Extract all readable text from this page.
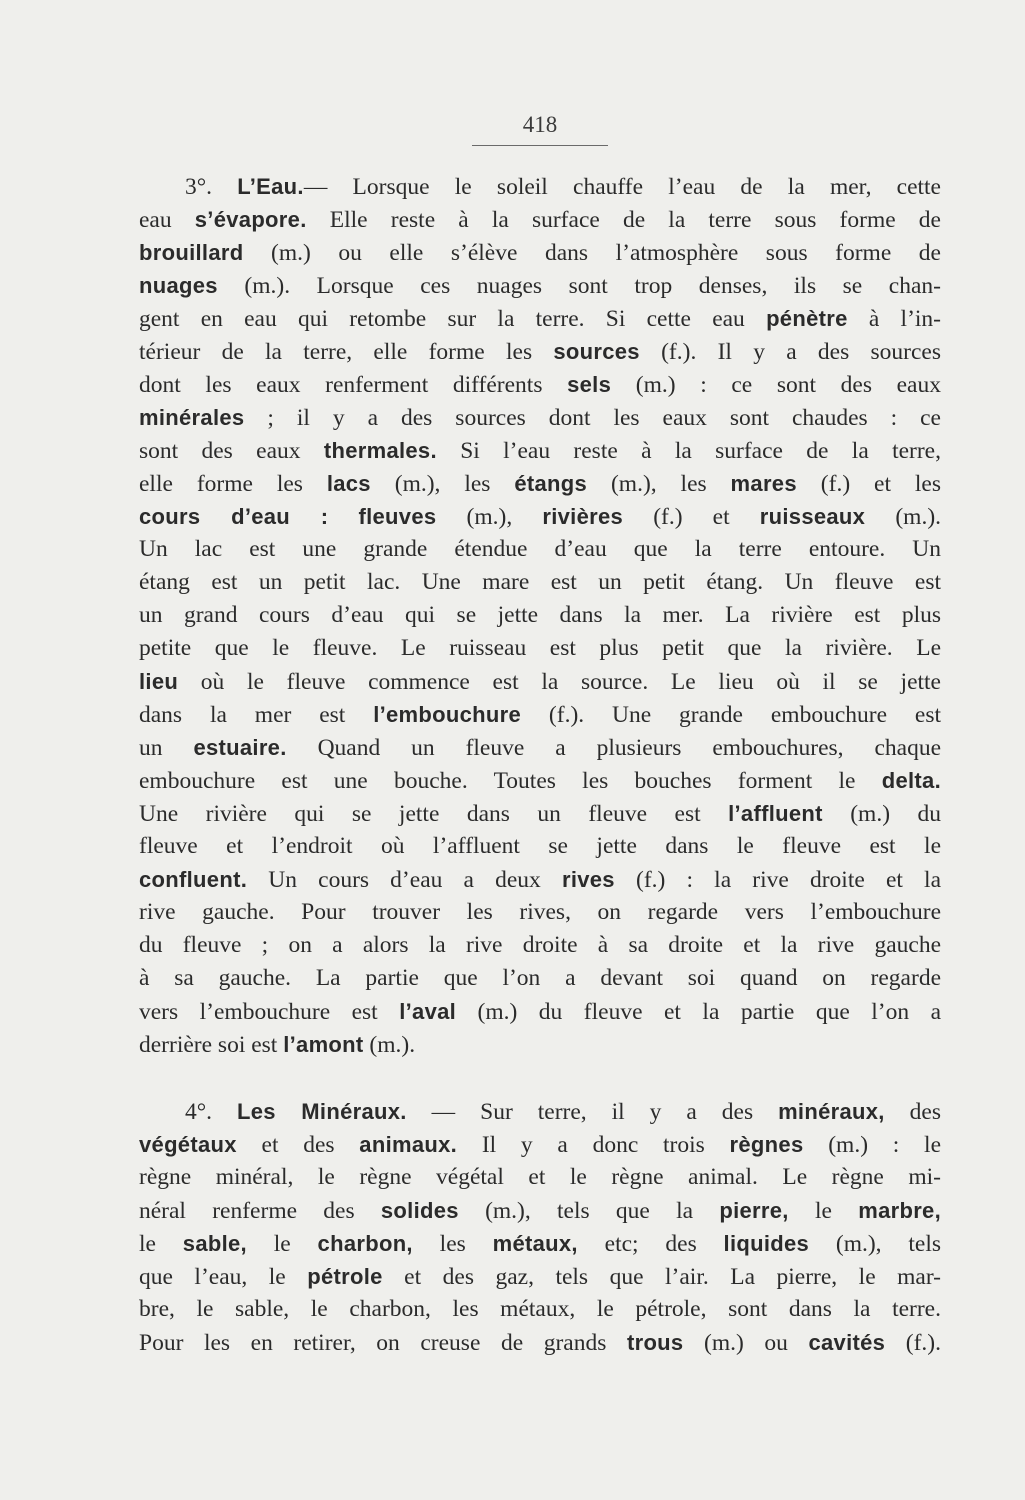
418
3°. L’Eau.— Lorsque le soleil chauffe l’eau de la mer, cette
eau s’évapore. Elle reste à la surface de la terre sous forme de
brouillard (m.) ou elle s’élève dans l’atmosphère sous forme de
nuages (m.). Lorsque ces nuages sont trop denses, ils se chan-
gent en eau qui retombe sur la terre. Si cette eau pénètre à l’in-
térieur de la terre, elle forme les sources (f.). Il y a des sources
dont les eaux renferment différents sels (m.) : ce sont des eaux
minérales ; il y a des sources dont les eaux sont chaudes : ce
sont des eaux thermales. Si l’eau reste à la surface de la terre,
elle forme les lacs (m.), les étangs (m.), les mares (f.) et les
cours d’eau : fleuves (m.), rivières (f.) et ruisseaux (m.).
Un lac est une grande étendue d’eau que la terre entoure. Un
étang est un petit lac. Une mare est un petit étang. Un fleuve est
un grand cours d’eau qui se jette dans la mer. La rivière est plus
petite que le fleuve. Le ruisseau est plus petit que la rivière. Le
lieu où le fleuve commence est la source. Le lieu où il se jette
dans la mer est l’embouchure (f.). Une grande embouchure est
un estuaire. Quand un fleuve a plusieurs embouchures, chaque
embouchure est une bouche. Toutes les bouches forment le delta.
Une rivière qui se jette dans un fleuve est l’affluent (m.) du
fleuve et l’endroit où l’affluent se jette dans le fleuve est le
confluent. Un cours d’eau a deux rives (f.) : la rive droite et la
rive gauche. Pour trouver les rives, on regarde vers l’embouchure
du fleuve ; on a alors la rive droite à sa droite et la rive gauche
à sa gauche. La partie que l’on a devant soi quand on regarde
vers l’embouchure est l’aval (m.) du fleuve et la partie que l’on a
derrière soi est l’amont (m.).
4°. Les Minéraux. — Sur terre, il y a des minéraux, des
végétaux et des animaux. Il y a donc trois règnes (m.) : le
règne minéral, le règne végétal et le règne animal. Le règne mi-
néral renferme des solides (m.), tels que la pierre, le marbre,
le sable, le charbon, les métaux, etc; des liquides (m.), tels
que l’eau, le pétrole et des gaz, tels que l’air. La pierre, le mar-
bre, le sable, le charbon, les métaux, le pétrole, sont dans la terre.
Pour les en retirer, on creuse de grands trous (m.) ou cavités (f.).
